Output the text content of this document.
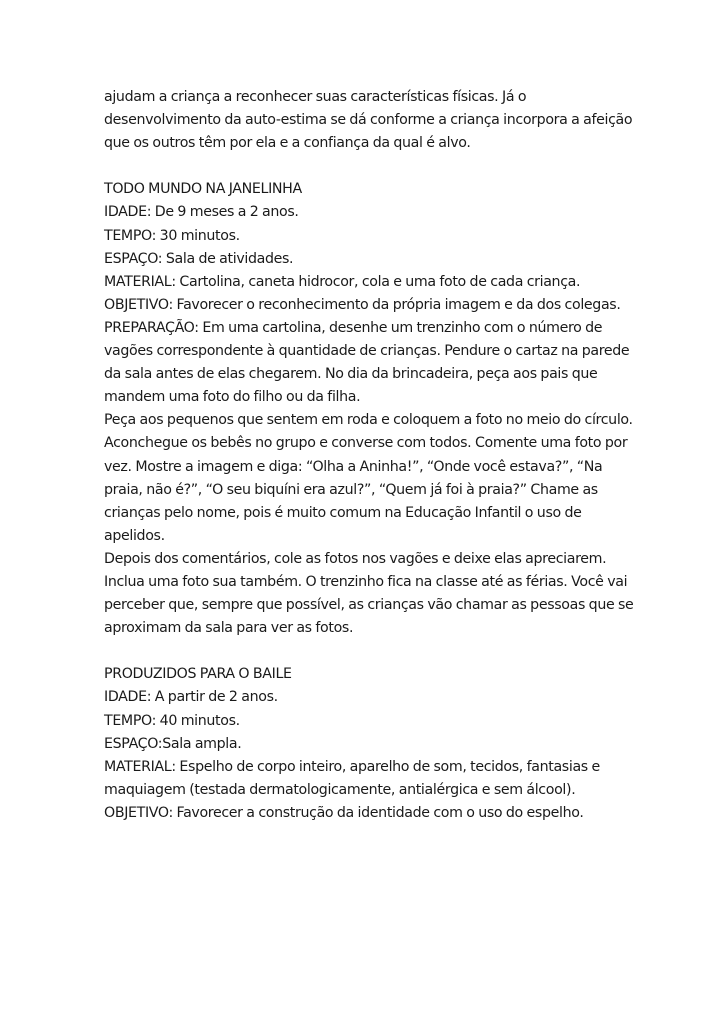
ajudam a criança a reconhecer suas características físicas. Já o
desenvolvimento da auto-estima se dá conforme a criança incorpora a afeição
que os outros têm por ela e a confiança da qual é alvo.
TODO MUNDO NA JANELINHA
IDADE: De 9 meses a 2 anos.
TEMPO: 30 minutos.
ESPAÇO: Sala de atividades.
MATERIAL: Cartolina, caneta hidrocor, cola e uma foto de cada criança.
OBJETIVO: Favorecer o reconhecimento da própria imagem e da dos colegas.
PREPARAÇÃO: Em uma cartolina, desenhe um trenzinho com o número de
vagões correspondente à quantidade de crianças. Pendure o cartaz na parede
da sala antes de elas chegarem. No dia da brincadeira, peça aos pais que
mandem uma foto do filho ou da filha.
Peça aos pequenos que sentem em roda e coloquem a foto no meio do círculo.
Aconchegue os bebês no grupo e converse com todos. Comente uma foto por
vez. Mostre a imagem e diga: “Olha a Aninha!”, “Onde você estava?”, “Na
praia, não é?”, “O seu biquíni era azul?”, “Quem já foi à praia?” Chame as
crianças pelo nome, pois é muito comum na Educação Infantil o uso de
apelidos.
Depois dos comentários, cole as fotos nos vagões e deixe elas apreciarem.
Inclua uma foto sua também. O trenzinho fica na classe até as férias. Você vai
perceber que, sempre que possível, as crianças vão chamar as pessoas que se
aproximam da sala para ver as fotos.
PRODUZIDOS PARA O BAILE
IDADE: A partir de 2 anos.
TEMPO: 40 minutos.
ESPAÇO:Sala ampla.
MATERIAL: Espelho de corpo inteiro, aparelho de som, tecidos, fantasias e
maquiagem (testada dermatologicamente, antialérgica e sem álcool).
OBJETIVO: Favorecer a construção da identidade com o uso do espelho.
